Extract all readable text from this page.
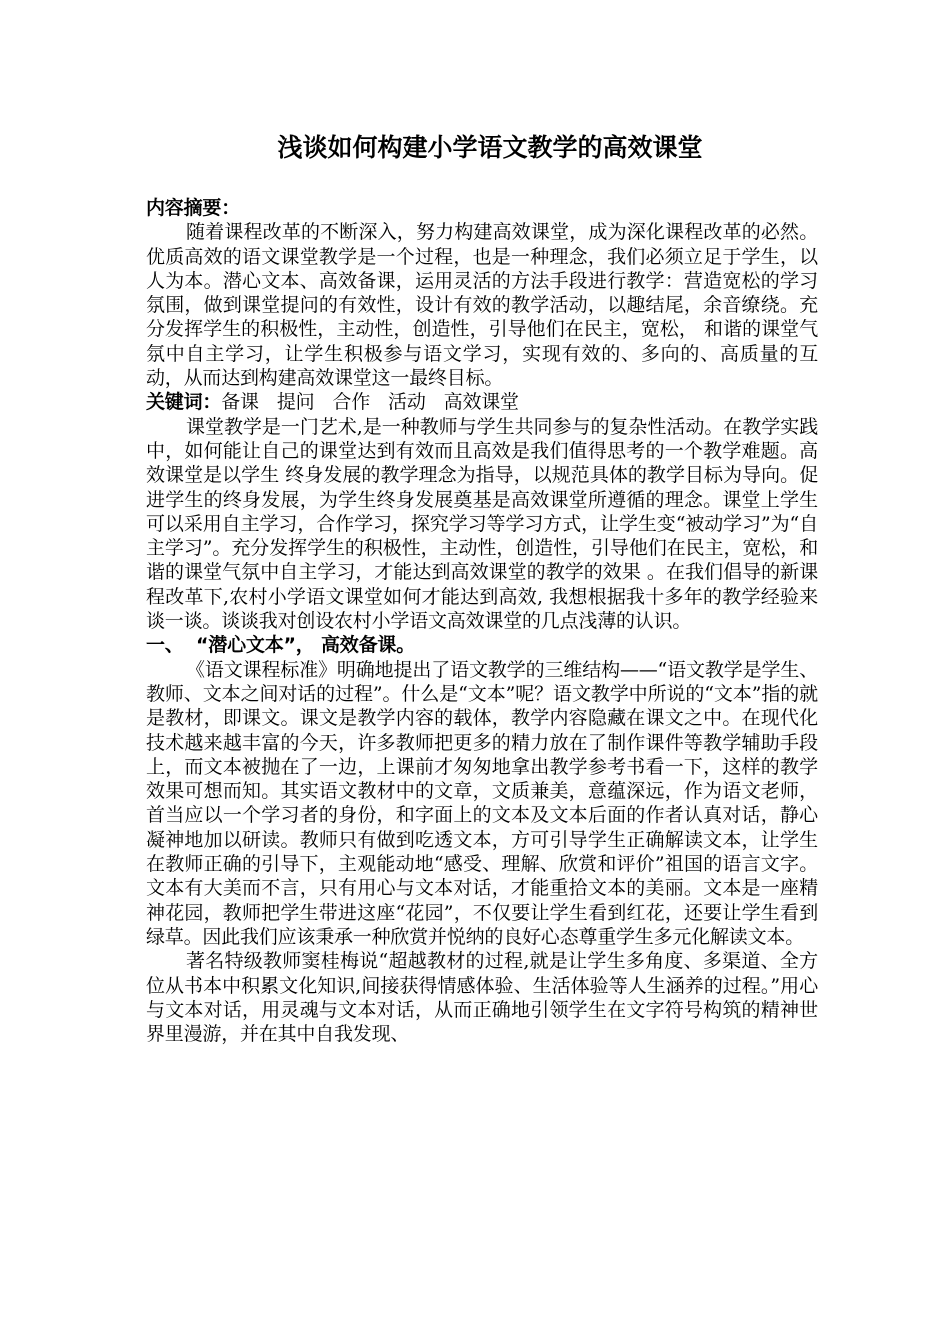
浅谈如何构建小学语文教学的高效课堂

内容摘要：

随着课程改革的不断深入，努力构建高效课堂，成为深化课程改革的必然。优质高效的语文课堂教学是一个过程，也是一种理念，我们必须立足于学生，以人为本。潜心文本、高效备课，运用灵活的方法手段进行教学：营造宽松的学习氛围，做到课堂提问的有效性，设计有效的教学活动，以趣结尾，余音缭绕。充分发挥学生的积极性，主动性，创造性，引导他们在民主，宽松， 和谐的课堂气氛中自主学习，让学生积极参与语文学习，实现有效的、多向的、高质量的互动，从而达到构建高效课堂这一最终目标。

关键词：备课 提问 合作 活动 高效课堂

课堂教学是一门艺术,是一种教师与学生共同参与的复杂性活动。在教学实践中，如何能让自己的课堂达到有效而且高效是我们值得思考的一个教学难题。高效课堂是以学生 终身发展的教学理念为指导，以规范具体的教学目标为导向。促进学生的终身发展，为学生终身发展奠基是高效课堂所遵循的理念。课堂上学生可以采用自主学习，合作学习，探究学习等学习方式，让学生变“被动学习”为“自主学习”。充分发挥学生的积极性，主动性，创造性，引导他们在民主，宽松，和谐的课堂气氛中自主学习，才能达到高效课堂的教学的效果 。在我们倡导的新课程改革下,农村小学语文课堂如何才能达到高效, 我想根据我十多年的教学经验来谈一谈。谈谈我对创设农村小学语文高效课堂的几点浅薄的认识。

一、 “潜心文本”， 高效备课。

《语文课程标准》明确地提出了语文教学的三维结构——“语文教学是学生、教师、文本之间对话的过程”。什么是“文本”呢？语文教学中所说的“文本”指的就是教材，即课文。课文是教学内容的载体，教学内容隐藏在课文之中。在现代化技术越来越丰富的今天，许多教师把更多的精力放在了制作课件等教学辅助手段上，而文本被抛在了一边，上课前才匆匆地拿出教学参考书看一下，这样的教学效果可想而知。其实语文教材中的文章，文质兼美，意蕴深远，作为语文老师，首当应以一个学习者的身份，和字面上的文本及文本后面的作者认真对话，静心凝神地加以研读。教师只有做到吃透文本，方可引导学生正确解读文本，让学生在教师正确的引导下，主观能动地“感受、理解、欣赏和评价”祖国的语言文字。文本有大美而不言，只有用心与文本对话，才能重拾文本的美丽。文本是一座精神花园，教师把学生带进这座“花园”，不仅要让学生看到红花，还要让学生看到绿草。因此我们应该秉承一种欣赏并悦纳的良好心态尊重学生多元化解读文本。

著名特级教师窦桂梅说“超越教材的过程,就是让学生多角度、多渠道、全方位从书本中积累文化知识,间接获得情感体验、生活体验等人生涵养的过程。”用心与文本对话，用灵魂与文本对话，从而正确地引领学生在文字符号构筑的精神世界里漫游，并在其中自我发现、
